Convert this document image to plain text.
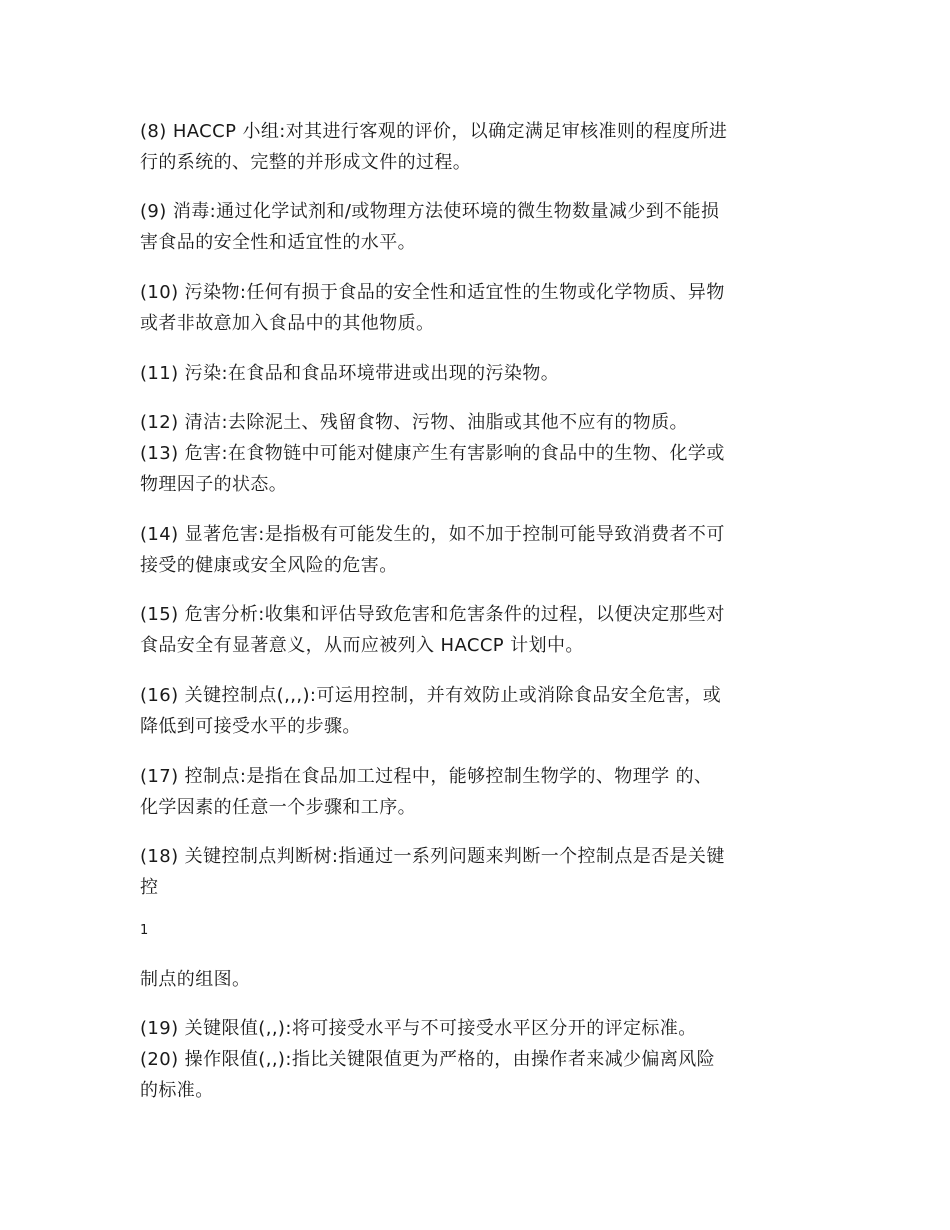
(8) HACCP 小组:对其进行客观的评价，以确定满足审核准则的程度所进
行的系统的、完整的并形成文件的过程。

(9) 消毒:通过化学试剂和/或物理方法使环境的微生物数量减少到不能损
害食品的安全性和适宜性的水平。

(10) 污染物:任何有损于食品的安全性和适宜性的生物或化学物质、异物
或者非故意加入食品中的其他物质。

(11) 污染:在食品和食品环境带进或出现的污染物。

(12) 清洁:去除泥土、残留食物、污物、油脂或其他不应有的物质。
(13) 危害:在食物链中可能对健康产生有害影响的食品中的生物、化学或
物理因子的状态。

(14) 显著危害:是指极有可能发生的，如不加于控制可能导致消费者不可
接受的健康或安全风险的危害。

(15) 危害分析:收集和评估导致危害和危害条件的过程，以便决定那些对
食品安全有显著意义，从而应被列入 HACCP 计划中。

(16) 关键控制点(,,,):可运用控制，并有效防止或消除食品安全危害，或
降低到可接受水平的步骤。

(17) 控制点:是指在食品加工过程中，能够控制生物学的、物理学 的、
化学因素的任意一个步骤和工序。

(18) 关键控制点判断树:指通过一系列问题来判断一个控制点是否是关键
控

1

制点的组图。

(19) 关键限值(,,):将可接受水平与不可接受水平区分开的评定标准。
(20) 操作限值(,,):指比关键限值更为严格的，由操作者来减少偏离风险
的标准。
